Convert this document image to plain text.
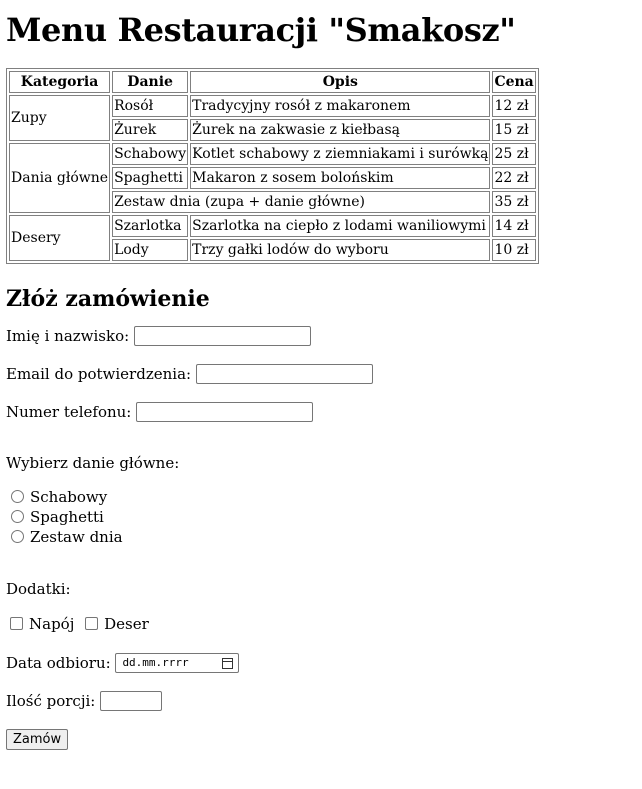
Menu Restauracji "Smakosz"
Kategoria	Danie	Opis	Cena
Zupy	Rosół	Tradycyjny rosół z makaronem	12 zł
	Żurek	Żurek na zakwasie z kiełbasą	15 zł
Dania główne	Schabowy	Kotlet schabowy z ziemniakami i surówką	25 zł
	Spaghetti	Makaron z sosem bolońskim	22 zł
	Zestaw dnia (zupa + danie główne)		35 zł
Desery	Szarlotka	Szarlotka na ciepło z lodami waniliowymi	14 zł
	Lody	Trzy gałki lodów do wyboru	10 zł
Złóż zamówienie
Imię i nazwisko:
Email do potwierdzenia:
Numer telefonu:
Wybierz danie główne:
Schabowy
Spaghetti
Zestaw dnia
Dodatki:
Napój Deser
Data odbioru: dd.mm.rrrr
Ilość porcji:
Zamów
